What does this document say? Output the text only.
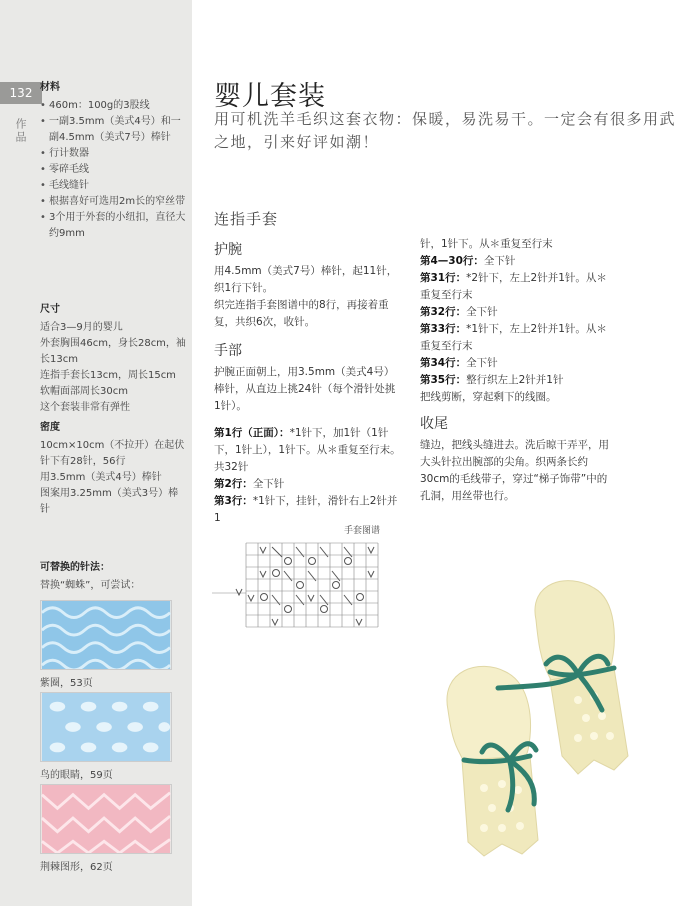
132
作品
材料
• 460m：100g的3股线
• 一副3.5mm（美式4号）和一副4.5mm（美式7号）棒针
• 行计数器
• 零碎毛线
• 毛线缝针
• 根据喜好可选用2m长的窄丝带
• 3个用于外套的小纽扣，直径大约9mm
尺寸
适合3—9月的婴儿
外套胸围46cm，身长28cm，袖长13cm
连指手套长13cm，周长15cm
软帽面部周长30cm
这个套装非常有弹性
密度
10cm×10cm（不拉开）在起伏针下有28针，56行
用3.5mm（美式4号）棒针
图案用3.25mm（美式3号）棒针
可替换的针法：
替换“蜘蛛”，可尝试：
紫圈，53页
鸟的眼睛，59页
荆棘图形，62页
婴儿套装
用可机洗羊毛织这套衣物：保暖，易洗易干。一定会有很多用武之地，引来好评如潮！
连指手套
护腕

用4.5mm（美式7号）棒针，起11针，织1行下针。

织完连指手套图谱中的8行，再接着重复，共织6次，收针。

手部

护腕正面朝上，用3.5mm（美式4号）棒针，从直边上挑24针（每个滑针处挑1针）。

第1行（正面）：*1针下，加1针（1针下，1针上），1针下。从＊重复至行末。共32针

第2行：全下针

第3行：*1针下，挂针，滑针右上2针并1

针，1针下。从＊重复至行末

第4—30行：全下针

第31行：*2针下，左上2针并1针。从＊重复至行末

第32行：全下针

第33行：*1针下，左上2针并1针。从＊重复至行末

第34行：全下针

第35行：整行织左上2针并1针

把线剪断，穿起剩下的线圈。

收尾

缝边，把线头缝进去。洗后晾干弄平，用大头针拉出腕部的尖角。织两条长约30cm的毛线带子，穿过“梯子饰带”中的孔洞，用丝带也行。

手套图谱
